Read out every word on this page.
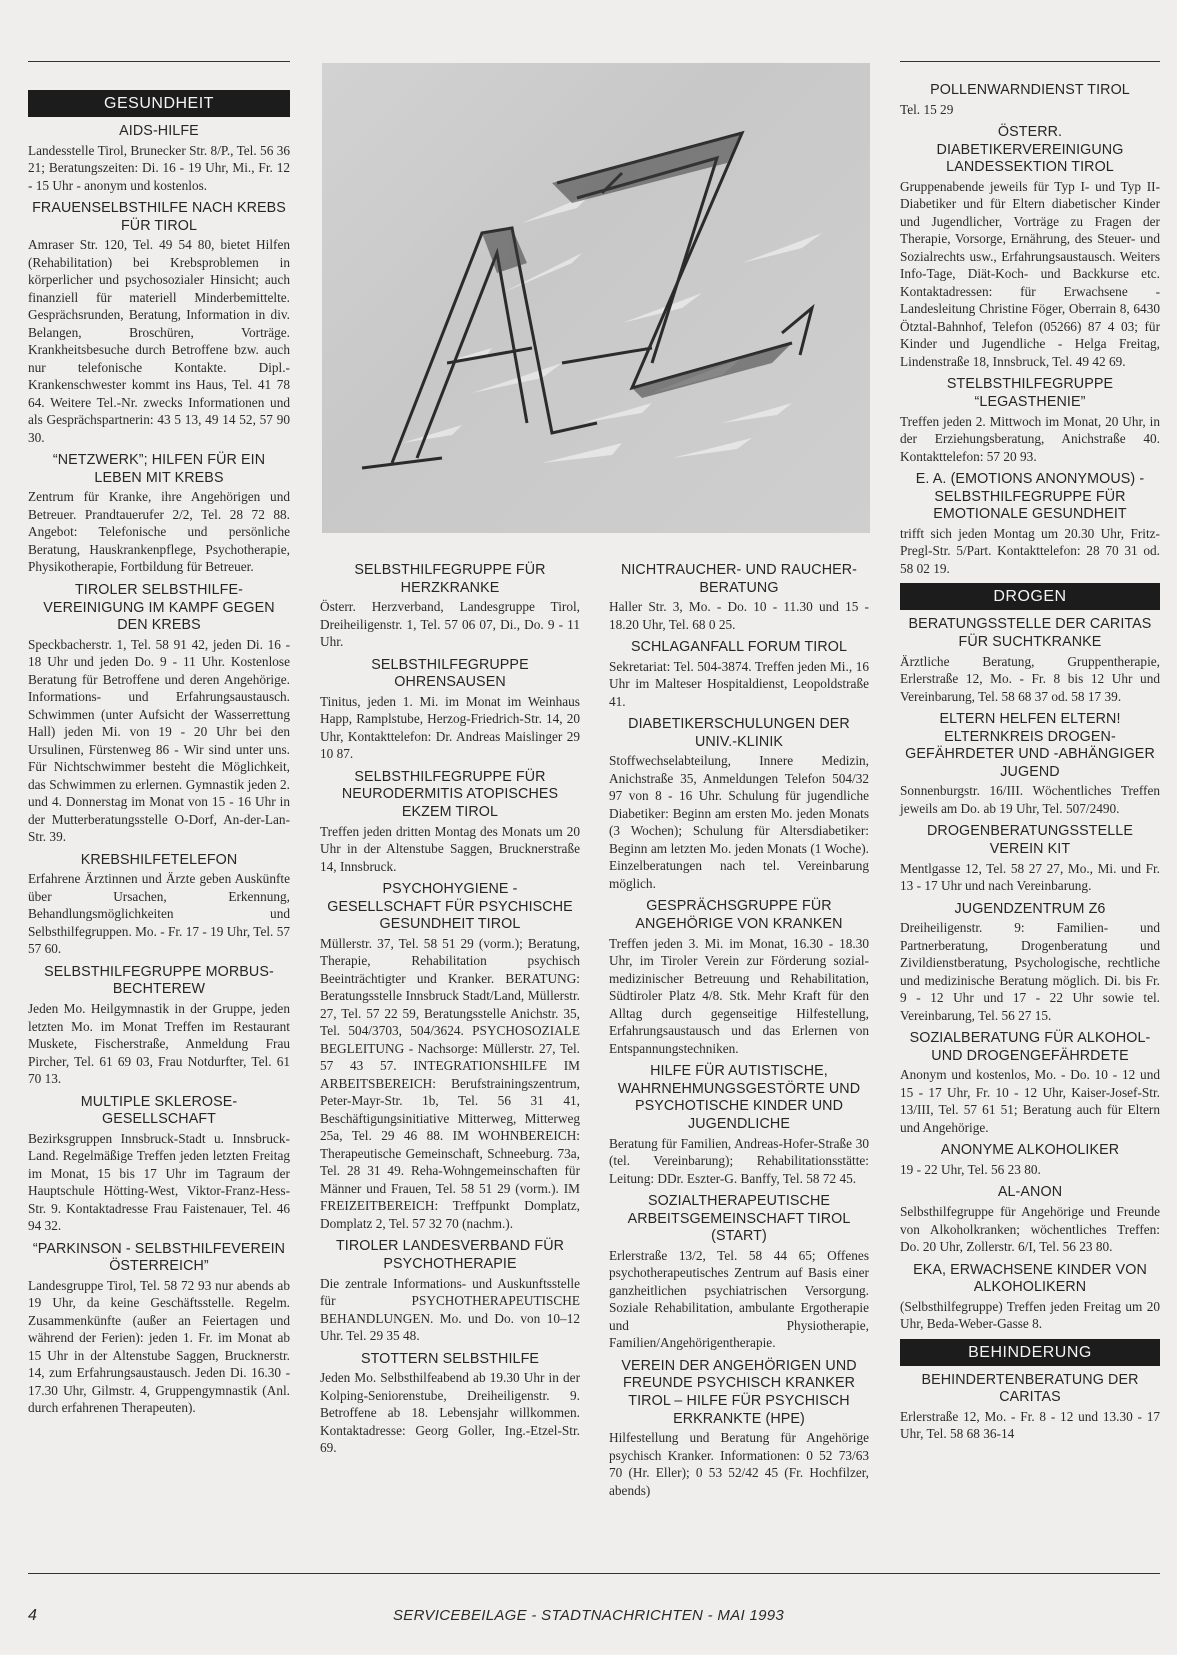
GESUNDHEIT
AIDS-HILFE

Landesstelle Tirol, Brunecker Str. 8/P., Tel. 56 36 21; Beratungszeiten: Di. 16 - 19 Uhr, Mi., Fr. 12 - 15 Uhr - anonym und kostenlos.

FRAUENSELBSTHILFE NACH KREBS FÜR TIROL

Amraser Str. 120, Tel. 49 54 80, bietet Hilfen (Rehabilitation) bei Krebsproblemen in körperlicher und psychosozialer Hinsicht; auch finanziell für materiell Minderbemittelte. Gesprächsrunden, Beratung, Information in div. Belangen, Broschüren, Vorträge. Krankheitsbesuche durch Betroffene bzw. auch nur telefonische Kontakte. Dipl.-Krankenschwester kommt ins Haus, Tel. 41 78 64. Weitere Tel.-Nr. zwecks Informationen und als Gesprächspartnerin: 43 5 13, 49 14 52, 57 90 30.

“NETZWERK”; HILFEN FÜR EIN LEBEN MIT KREBS

Zentrum für Kranke, ihre Angehörigen und Betreuer. Prandtauerufer 2/2, Tel. 28 72 88. Angebot: Telefonische und persönliche Beratung, Hauskrankenpflege, Psychotherapie, Physikotherapie, Fortbildung für Betreuer.

TIROLER SELBSTHILFE-VEREINIGUNG IM KAMPF GEGEN DEN KREBS

Speckbacherstr. 1, Tel. 58 91 42, jeden Di. 16 - 18 Uhr und jeden Do. 9 - 11 Uhr. Kostenlose Beratung für Betroffene und deren Angehörige. Informations- und Erfahrungsaustausch. Schwimmen (unter Aufsicht der Wasserrettung Hall) jeden Mi. von 19 - 20 Uhr bei den Ursulinen, Fürstenweg 86 - Wir sind unter uns. Für Nichtschwimmer besteht die Möglichkeit, das Schwimmen zu erlernen. Gymnastik jeden 2. und 4. Donnerstag im Monat von 15 - 16 Uhr in der Mutterberatungsstelle O-Dorf, An-der-Lan-Str. 39.

KREBSHILFETELEFON

Erfahrene Ärztinnen und Ärzte geben Auskünfte über Ursachen, Erkennung, Behandlungsmöglichkeiten und Selbsthilfegruppen. Mo. - Fr. 17 - 19 Uhr, Tel. 57 57 60.

SELBSTHILFEGRUPPE MORBUS-BECHTEREW

Jeden Mo. Heilgymnastik in der Gruppe, jeden letzten Mo. im Monat Treffen im Restaurant Muskete, Fischerstraße, Anmeldung Frau Pircher, Tel. 61 69 03, Frau Notdurfter, Tel. 61 70 13.

MULTIPLE SKLEROSE-GESELLSCHAFT

Bezirksgruppen Innsbruck-Stadt u. Innsbruck-Land. Regelmäßige Treffen jeden letzten Freitag im Monat, 15 bis 17 Uhr im Tagraum der Hauptschule Hötting-West, Viktor-Franz-Hess-Str. 9. Kontaktadresse Frau Faistenauer, Tel. 46 94 32.

“PARKINSON - SELBSTHILFEVEREIN ÖSTERREICH”

Landesgruppe Tirol, Tel. 58 72 93 nur abends ab 19 Uhr, da keine Geschäftsstelle. Regelm. Zusammenkünfte (außer an Feiertagen und während der Ferien): jeden 1. Fr. im Monat ab 15 Uhr in der Altenstube Saggen, Brucknerstr. 14, zum Erfahrungsaustausch. Jeden Di. 16.30 - 17.30 Uhr, Gilmstr. 4, Gruppengymnastik (Anl. durch erfahrenen Therapeuten).

SELBSTHILFEGRUPPE FÜR HERZKRANKE

Österr. Herzverband, Landesgruppe Tirol, Dreiheiligenstr. 1, Tel. 57 06 07, Di., Do. 9 - 11 Uhr.

SELBSTHILFEGRUPPE OHRENSAUSEN

Tinitus, jeden 1. Mi. im Monat im Weinhaus Happ, Ramplstube, Herzog-Friedrich-Str. 14, 20 Uhr, Kontakttelefon: Dr. Andreas Maislinger 29 10 87.

SELBSTHILFEGRUPPE FÜR NEURODERMITIS ATOPISCHES EKZEM TIROL

Treffen jeden dritten Montag des Monats um 20 Uhr in der Altenstube Saggen, Brucknerstraße 14, Innsbruck.

PSYCHOHYGIENE - GESELLSCHAFT FÜR PSYCHISCHE GESUNDHEIT TIROL

Müllerstr. 37, Tel. 58 51 29 (vorm.); Beratung, Therapie, Rehabilitation psychisch Beeinträchtigter und Kranker. BERATUNG: Beratungsstelle Innsbruck Stadt/Land, Müllerstr. 27, Tel. 57 22 59, Beratungsstelle Anichstr. 35, Tel. 504/3703, 504/3624. PSYCHOSOZIALE BEGLEITUNG - Nachsorge: Müllerstr. 27, Tel. 57 43 57. INTEGRATIONSHILFE IM ARBEITSBEREICH: Berufstrainingszentrum, Peter-Mayr-Str. 1b, Tel. 56 31 41, Beschäftigungsinitiative Mitterweg, Mitterweg 25a, Tel. 29 46 88. IM WOHNBEREICH: Therapeutische Gemeinschaft, Schneeburg. 73a, Tel. 28 31 49. Reha-Wohngemeinschaften für Männer und Frauen, Tel. 58 51 29 (vorm.). IM FREIZEITBEREICH: Treffpunkt Domplatz, Domplatz 2, Tel. 57 32 70 (nachm.).

TIROLER LANDESVERBAND FÜR PSYCHOTHERAPIE

Die zentrale Informations- und Auskunftsstelle für PSYCHOTHERAPEUTISCHE BEHANDLUNGEN. Mo. und Do. von 10–12 Uhr. Tel. 29 35 48.

STOTTERN SELBSTHILFE

Jeden Mo. Selbsthilfeabend ab 19.30 Uhr in der Kolping-Seniorenstube, Dreiheiligenstr. 9. Betroffene ab 18. Lebensjahr willkommen. Kontaktadresse: Georg Goller, Ing.-Etzel-Str. 69.

NICHTRAUCHER- UND RAUCHER-BERATUNG

Haller Str. 3, Mo. - Do. 10 - 11.30 und 15 - 18.20 Uhr, Tel. 68 0 25.

SCHLAGANFALL FORUM TIROL

Sekretariat: Tel. 504-3874. Treffen jeden Mi., 16 Uhr im Malteser Hospitaldienst, Leopoldstraße 41.

DIABETIKERSCHULUNGEN DER UNIV.-KLINIK

Stoffwechselabteilung, Innere Medizin, Anichstraße 35, Anmeldungen Telefon 504/32 97 von 8 - 16 Uhr. Schulung für jugendliche Diabetiker: Beginn am ersten Mo. jeden Monats (3 Wochen); Schulung für Altersdiabetiker: Beginn am letzten Mo. jeden Monats (1 Woche). Einzelberatungen nach tel. Vereinbarung möglich.

GESPRÄCHSGRUPPE FÜR ANGEHÖRIGE VON KRANKEN

Treffen jeden 3. Mi. im Monat, 16.30 - 18.30 Uhr, im Tiroler Verein zur Förderung sozial-medizinischer Betreuung und Rehabilitation, Südtiroler Platz 4/8. Stk. Mehr Kraft für den Alltag durch gegenseitige Hilfestellung, Erfahrungsaustausch und das Erlernen von Entspannungstechniken.

HILFE FÜR AUTISTISCHE, WAHRNEHMUNGSGESTÖRTE UND PSYCHOTISCHE KINDER UND JUGENDLICHE

Beratung für Familien, Andreas-Hofer-Straße 30 (tel. Vereinbarung); Rehabilitationsstätte: Leitung: DDr. Eszter-G. Banffy, Tel. 58 72 45.

SOZIALTHERAPEUTISCHE ARBEITSGEMEINSCHAFT TIROL (START)

Erlerstraße 13/2, Tel. 58 44 65; Offenes psychotherapeutisches Zentrum auf Basis einer ganzheitlichen psychiatrischen Versorgung. Soziale Rehabilitation, ambulante Ergotherapie und Physiotherapie, Familien/Angehörigentherapie.

VEREIN DER ANGEHÖRIGEN UND FREUNDE PSYCHISCH KRANKER TIROL – HILFE FÜR PSYCHISCH ERKRANKTE (HPE)

Hilfestellung und Beratung für Angehörige psychisch Kranker. Informationen: 0 52 73/63 70 (Hr. Eller); 0 53 52/42 45 (Fr. Hochfilzer, abends)

POLLENWARNDIENST TIROL

Tel. 15 29

ÖSTERR. DIABETIKERVEREINIGUNG LANDESSEKTION TIROL

Gruppenabende jeweils für Typ I- und Typ II-Diabetiker und für Eltern diabetischer Kinder und Jugendlicher, Vorträge zu Fragen der Therapie, Vorsorge, Ernährung, des Steuer- und Sozialrechts usw., Erfahrungsaustausch. Weiters Info-Tage, Diät-Koch- und Backkurse etc. Kontaktadressen: für Erwachsene - Landesleitung Christine Föger, Oberrain 8, 6430 Ötztal-Bahnhof, Telefon (05266) 87 4 03; für Kinder und Jugendliche - Helga Freitag, Lindenstraße 18, Innsbruck, Tel. 49 42 69.

STELBSTHILFEGRUPPE “LEGASTHENIE”

Treffen jeden 2. Mittwoch im Monat, 20 Uhr, in der Erziehungsberatung, Anichstraße 40. Kontakttelefon: 57 20 93.

E. A. (EMOTIONS ANONYMOUS) - SELBSTHILFEGRUPPE FÜR EMOTIONALE GESUNDHEIT

trifft sich jeden Montag um 20.30 Uhr, Fritz-Pregl-Str. 5/Part. Kontakttelefon: 28 70 31 od. 58 02 19.

DROGEN
BERATUNGSSTELLE DER CARITAS FÜR SUCHTKRANKE

Ärztliche Beratung, Gruppentherapie, Erlerstraße 12, Mo. - Fr. 8 bis 12 Uhr und Vereinbarung, Tel. 58 68 37 od. 58 17 39.

ELTERN HELFEN ELTERN! ELTERNKREIS DROGEN-GEFÄHRDETER UND -ABHÄNGIGER JUGEND

Sonnenburgstr. 16/III. Wöchentliches Treffen jeweils am Do. ab 19 Uhr, Tel. 507/2490.

DROGENBERATUNGSSTELLE VEREIN KIT

Mentlgasse 12, Tel. 58 27 27, Mo., Mi. und Fr. 13 - 17 Uhr und nach Vereinbarung.

JUGENDZENTRUM Z6

Dreiheiligenstr. 9: Familien- und Partnerberatung, Drogenberatung und Zivildienstberatung, Psychologische, rechtliche und medizinische Beratung möglich. Di. bis Fr. 9 - 12 Uhr und 17 - 22 Uhr sowie tel. Vereinbarung, Tel. 56 27 15.

SOZIALBERATUNG FÜR ALKOHOL- UND DROGENGEFÄHRDETE

Anonym und kostenlos, Mo. - Do. 10 - 12 und 15 - 17 Uhr, Fr. 10 - 12 Uhr, Kaiser-Josef-Str. 13/III, Tel. 57 61 51; Beratung auch für Eltern und Angehörige.

ANONYME ALKOHOLIKER

19 - 22 Uhr, Tel. 56 23 80.

AL-ANON

Selbsthilfegruppe für Angehörige und Freunde von Alkoholkranken; wöchentliches Treffen: Do. 20 Uhr, Zollerstr. 6/I, Tel. 56 23 80.

EKA, ERWACHSENE KINDER VON ALKOHOLIKERN

(Selbsthilfegruppe) Treffen jeden Freitag um 20 Uhr, Beda-Weber-Gasse 8.

BEHINDERUNG
BEHINDERTENBERATUNG DER CARITAS

Erlerstraße 12, Mo. - Fr. 8 - 12 und 13.30 - 17 Uhr, Tel. 58 68 36-14

4	SERVICEBEILAGE - STADTNACHRICHTEN - MAI 1993
